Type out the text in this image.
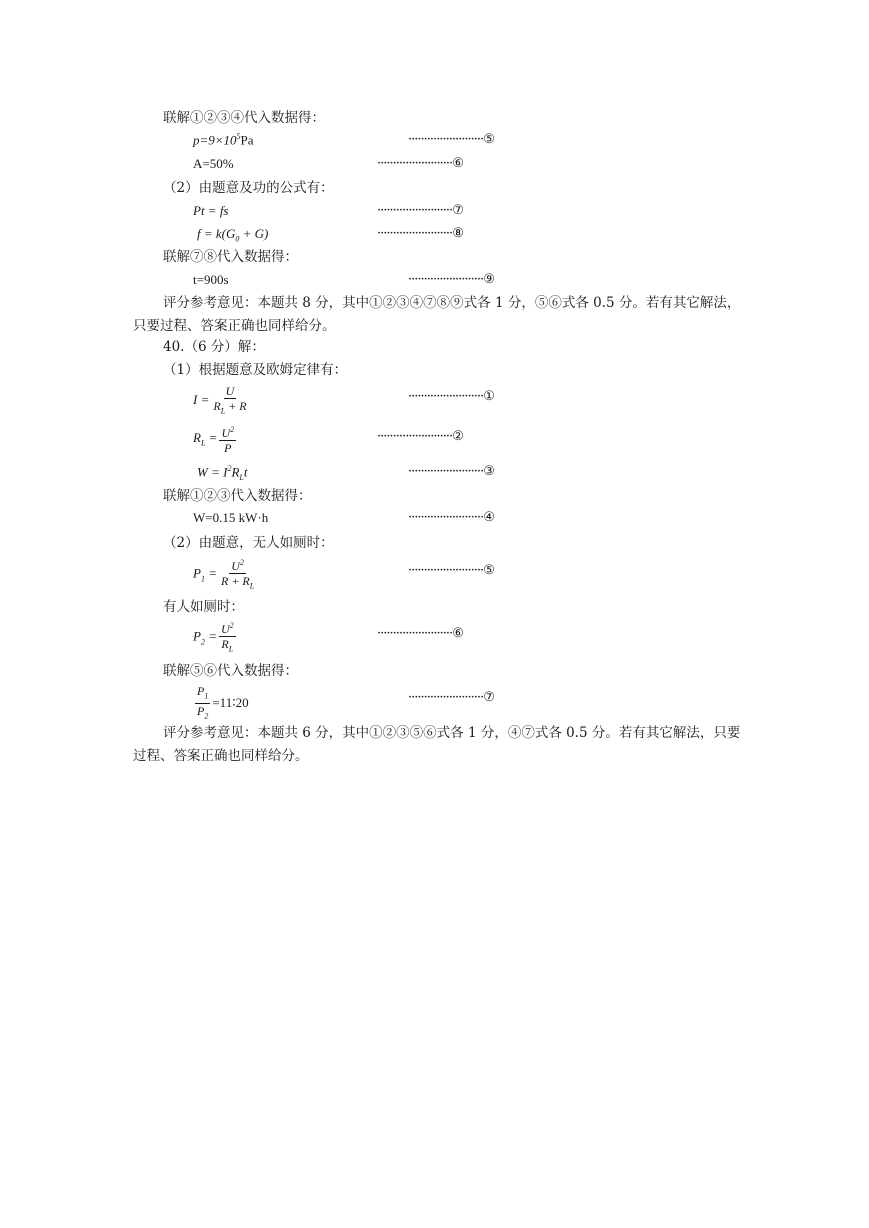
联解①②③④代入数据得：
$p=9\times 10^5Pa$	························⑤
A=50%	························⑥
（2）由题意及功的公式有：
Pt = fs	························⑦
$f = k(G_0 + G)$	························⑧
联解⑦⑧代入数据得：
t=900s	························⑨
评分参考意见：本题共 8 分，其中①②③④⑦⑧⑨式各 1 分，⑤⑥式各 0.5 分。若有其它解法，只要过程、答案正确也同样给分。
40.（6 分）解：
（1）根据题意及欧姆定律有：
$I = \frac{U}{R_L + R}$	························①
$R_L = \frac{U^2}{P}$	························②
$W = I^2R_Lt$	························③
联解①②③代入数据得：
W=0.15 kW·h	························④
（2）由题意，无人如厕时：
$P_1 = \frac{U^2}{R + R_L}$	························⑤
有人如厕时：
$P_2 = \frac{U^2}{R_L}$	························⑥
联解⑤⑥代入数据得：
$\frac{P_1}{P_2}$ =11∶20	························⑦
评分参考意见：本题共 6 分，其中①②③⑤⑥式各 1 分，④⑦式各 0.5 分。若有其它解法，只要过程、答案正确也同样给分。
